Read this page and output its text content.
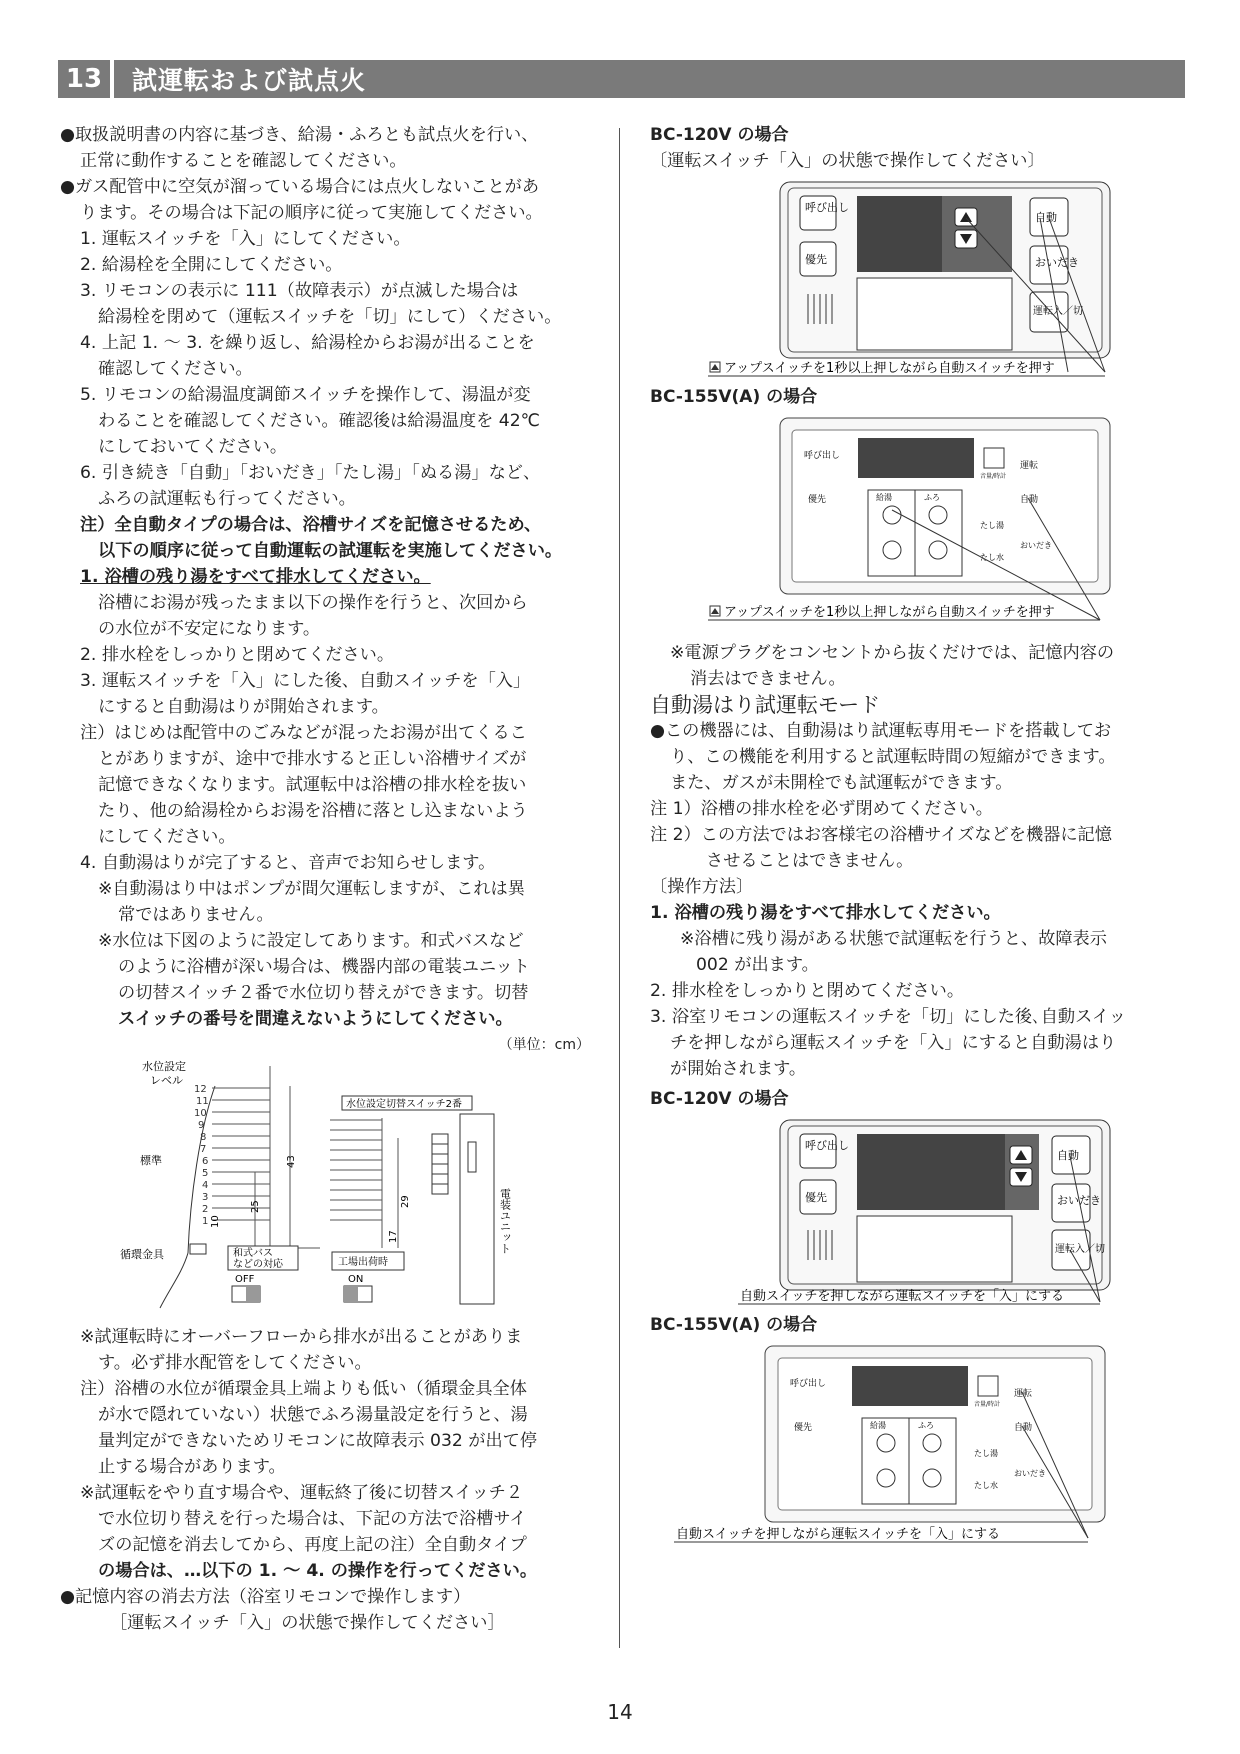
13	試運転および試点火

●取扱説明書の内容に基づき、給湯・ふろとも試点火を行い、

正常に動作することを確認してください。

●ガス配管中に空気が溜っている場合には点火しないことがあ

ります。その場合は下記の順序に従って実施してください。

1. 運転スイッチを「入」にしてください。

2. 給湯栓を全開にしてください。

3. リモコンの表示に 111（故障表示）が点滅した場合は

給湯栓を閉めて（運転スイッチを「切」にして）ください。

4. 上記 1. ～ 3. を繰り返し、給湯栓からお湯が出ることを

確認してください。

5. リモコンの給湯温度調節スイッチを操作して、湯温が変

わることを確認してください。確認後は給湯温度を 42℃

にしておいてください。

6. 引き続き「自動」「おいだき」「たし湯」「ぬる湯」など、

ふろの試運転も行ってください。

注）全自動タイプの場合は、浴槽サイズを記憶させるため、

以下の順序に従って自動運転の試運転を実施してください。

1. 浴槽の残り湯をすべて排水してください。

浴槽にお湯が残ったまま以下の操作を行うと、次回から

の水位が不安定になります。

2. 排水栓をしっかりと閉めてください。

3. 運転スイッチを「入」にした後、自動スイッチを「入」

にすると自動湯はりが開始されます。

注）はじめは配管中のごみなどが混ったお湯が出てくるこ

とがありますが、途中で排水すると正しい浴槽サイズが

記憶できなくなります。試運転中は浴槽の排水栓を抜い

たり、他の給湯栓からお湯を浴槽に落とし込まないよう

にしてください。

4. 自動湯はりが完了すると、音声でお知らせします。

※自動湯はり中はポンプが間欠運転しますが、これは異

常ではありません。

※水位は下図のように設定してあります。和式バスなど

のように浴槽が深い場合は、機器内部の電装ユニット

の切替スイッチ２番で水位切り替えができます。切替

スイッチの番号を間違えないようにしてください。

（単位：cm）

水位設定
レベル
12
11
10
9
8
7
6
5
4
3
2
1
標準
10
25
43
循環金具
29
17
水位設定切替スイッチ2番
電装ユニット
和式バス
などの対応
OFF
工場出荷時
ON

※試運転時にオーバーフローから排水が出ることがありま

す。必ず排水配管をしてください。

注）浴槽の水位が循環金具上端よりも低い（循環金具全体

が水で隠れていない）状態でふろ湯量設定を行うと、湯

量判定ができないためリモコンに故障表示 032 が出て停

止する場合があります。

※試運転をやり直す場合や、運転終了後に切替スイッチ２

で水位切り替えを行った場合は、下記の方法で浴槽サイ

ズの記憶を消去してから、再度上記の注）全自動タイプ

の場合は、…以下の 1. ～ 4. の操作を行ってください。

●記憶内容の消去方法（浴室リモコンで操作します）

［運転スイッチ「入」の状態で操作してください］

BC-120V の場合

〔運転スイッチ「入」の状態で操作してください〕

呼び出し
優先
自動
おいだき
運転入／切
アップスイッチを1秒以上押しながら自動スイッチを押す

BC-155V(A) の場合

音量/時計
呼び出し
優先
運転
自動
給湯	ふろ
たし湯
たし水
おいだき
アップスイッチを1秒以上押しながら自動スイッチを押す

※電源プラグをコンセントから抜くだけでは、記憶内容の

消去はできません。

自動湯はり試運転モード

●この機器には、自動湯はり試運転専用モードを搭載してお

り、この機能を利用すると試運転時間の短縮ができます。

また、ガスが未開栓でも試運転ができます。

注 1）浴槽の排水栓を必ず閉めてください。

注 2）この方法ではお客様宅の浴槽サイズなどを機器に記憶

させることはできません。

〔操作方法〕

1. 浴槽の残り湯をすべて排水してください。

※浴槽に残り湯がある状態で試運転を行うと、故障表示

002 が出ます。

2. 排水栓をしっかりと閉めてください。

3. 浴室リモコンの運転スイッチを「切」にした後､自動スイッ

チを押しながら運転スイッチを「入」にすると自動湯はり

が開始されます。

BC-120V の場合

呼び出し
優先
自動
おいだき
運転入／切
自動スイッチを押しながら運転スイッチを「入」にする

BC-155V(A) の場合

音量/時計
呼び出し
優先
運転
自動
給湯	ふろ
たし湯
たし水
おいだき
自動スイッチを押しながら運転スイッチを「入」にする
14
